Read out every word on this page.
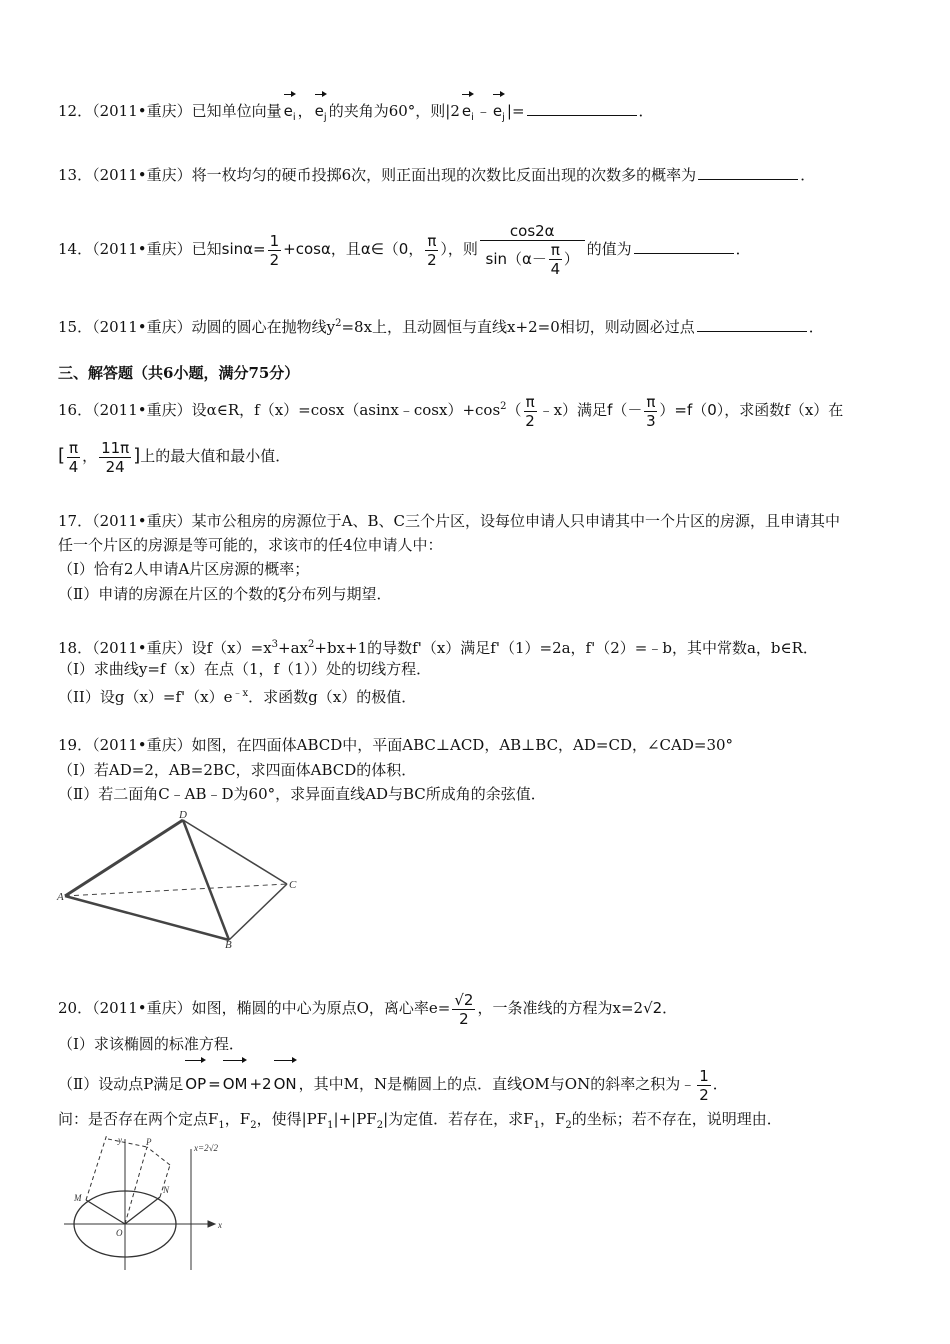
12．（2011•重庆）已知单位向量 $e_i$ ， $e_j$ 的夹角为60°，则|2 $e_i$ ﹣ $e_j$ |=	．
13．（2011•重庆）将一枚均匀的硬币投掷6次，则正面出现的次数比反面出现的次数多的概率为	．
14．（2011•重庆）已知$\sin\alpha= \frac{1}{2} +\cos\alpha$，且α∈（0， $\frac{\pi}{2}$ ），则 $\frac{\cos 2\alpha}{\sin(\alpha- \frac{\pi}{4} )}$ 的值为	．
15．（2011•重庆）动圆的圆心在抛物线$y^2=8x$上，且动圆恒与直线x+2=0相切，则动圆必过点	．
三、解答题（共6小题，满分75分）
16．（2011•重庆）设α∈R，$f(x)=\cos x(asinx﹣\cos x)+\cos^2( \frac{\pi}{2}$ ﹣x）满足$f(- \frac{\pi}{3} )=f(0)$，求函数f（x）在
[ $\frac{\pi}{4}$ ， $\frac{11\pi}{24}$ ]上的最大值和最小值．
17．（2011•重庆）某市公租房的房源位于A、B、C三个片区，设每位申请人只申请其中一个片区的房源，且申请其中
任一个片区的房源是等可能的，求该市的任4位申请人中：
（Ⅰ）恰有2人申请A片区房源的概率；
（Ⅱ）申请的房源在片区的个数的ξ分布列与期望．
18．（2011•重庆）设$f(x)=x^3+ax^2+bx+1$的导数f'（x）满足f'（1）=2a，f'（2）=﹣b，其中常数a，b∈R．
（I）求曲线y=f（x）在点（1，f（1））处的切线方程．
（II）设$g(x)=f'(x)e^{﹣x}$．求函数g（x）的极值．
19．（2011•重庆）如图，在四面体ABCD中，平面ABC⊥ACD，AB⊥BC，AD=CD，∠CAD=30°
（Ⅰ）若AD=2，AB=2BC，求四面体ABCD的体积．
（Ⅱ）若二面角C﹣AB﹣D为60°，求异面直线AD与BC所成角的余弦值．
D
A
C
B
20．（2011•重庆）如图，椭圆的中心为原点O，离心率$e= \frac{√2}{2}$ ，一条准线的方程为x=2√2．
（Ⅰ）求该椭圆的标准方程．
（Ⅱ）设动点P满足 OP = OM +2 ON ，其中M，N是椭圆上的点．直线OM与ON的斜率之积为﹣ $\frac{1}{2}$ ．
问：是否存在两个定点$F_1$，$F_2$，使得$|PF_1|+|PF_2|$为定值．若存在，求$F_1$，$F_2$的坐标；若不存在，说明理由．
y	P
x=2√2
M
N
O
x
